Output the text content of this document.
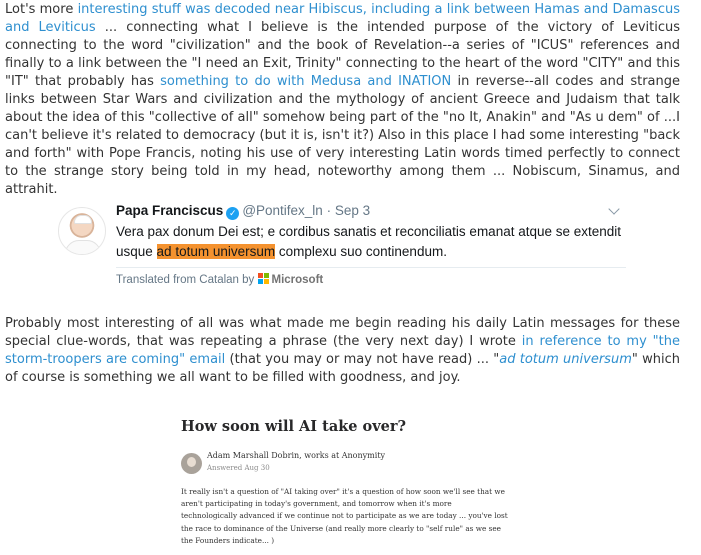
Lot's more interesting stuff was decoded near Hibiscus, including a link between Hamas and Damascus and Leviticus ... connecting what I believe is the intended purpose of the victory of Leviticus connecting to the word "civilization" and the book of Revelation--a series of "ICUS" references and finally to a link between the "I need an Exit, Trinity" connecting to the heart of the word "CITY" and this "IT" that probably has something to do with Medusa and INATION in reverse--all codes and strange links between Star Wars and civilization and the mythology of ancient Greece and Judaism that talk about the idea of this "collective of all" somehow being part of the "no It, Anakin" and "As u dem" of ...I can't believe it's related to democracy (but it is, isn't it?) Also in this place I had some interesting "back and forth" with Pope Francis, noting his use of very interesting Latin words timed perfectly to connect to the strange story being told in my head, noteworthy among them ... Nobiscum, Sinamus, and attrahit.

Papa Franciscus ✓ @Pontifex_ln · Sep 3
Vera pax donum Dei est; e cordibus sanatis et reconciliatis emanat atque se extendit usque ad totum universum complexu suo continendum.
Translated from Catalan by
Microsoft

Probably most interesting of all was what made me begin reading his daily Latin messages for these special clue-words, that was repeating a phrase (the very next day) I wrote in reference to my "the storm-troopers are coming" email (that you may or may not have read) ... "ad totum universum" which of course is something we all want to be filled with goodness, and joy.

How soon will AI take over?
Adam Marshall Dobrin, works at Anonymity
Answered Aug 30

It really isn't a question of "AI taking over" it's a question of how soon we'll see that we aren't participating in today's government, and tomorrow when it's more technologically advanced if we continue not to participate as we are today ... you've lost the race to dominance of the Universe (and really more clearly to "self rule" as we see the Founders indicate... )
